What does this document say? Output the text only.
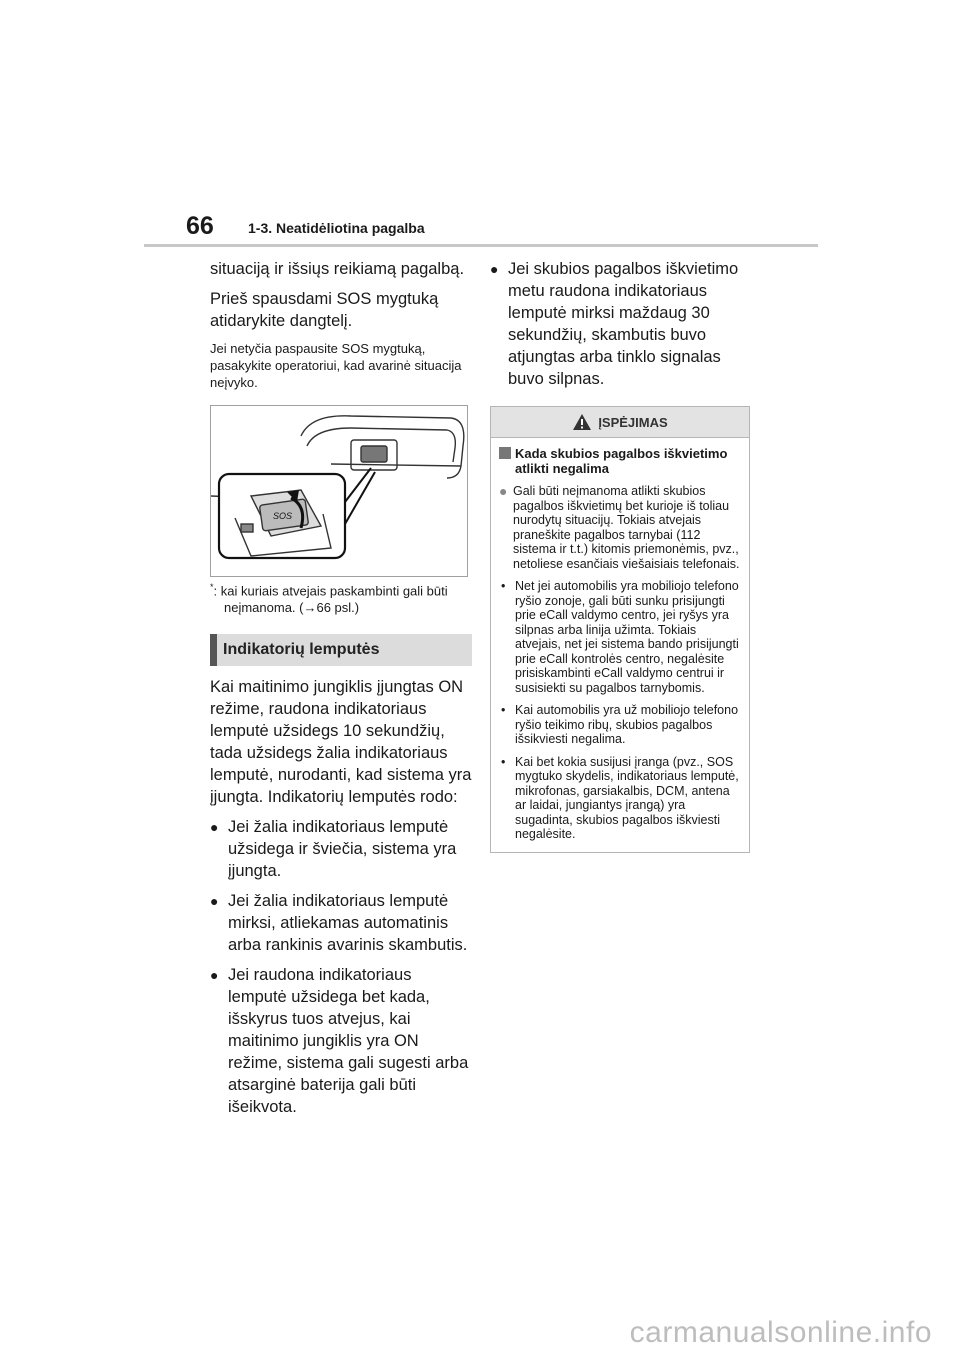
66 1-3. Neatidėliotina pagalba

situaciją ir išsiųs reikiamą pagalbą.

Prieš spausdami SOS mygtuką atidarykite dangtelį.

Jei netyčia paspausite SOS mygtuką, pasakykite operatoriui, kad avarinė situacija neįvyko.

SOS
*: kai kuriais atvejais paskambinti gali būti neįmanoma. (→66 psl.)
Indikatorių lemputės

Kai maitinimo jungiklis įjungtas ON režime, raudona indikatoriaus lemputė užsidegs 10 sekundžių, tada užsidegs žalia indikatoriaus lemputė, nurodanti, kad sistema yra įjungta. Indikatorių lemputės rodo:

● Jei žalia indikatoriaus lemputė užsidega ir šviečia, sistema yra įjungta.
● Jei žalia indikatoriaus lemputė mirksi, atliekamas automatinis arba rankinis avarinis skambutis.
● Jei raudona indikatoriaus lemputė užsidega bet kada, išskyrus tuos atvejus, kai maitinimo jungiklis yra ON režime, sistema gali sugesti arba atsarginė baterija gali būti išeikvota.
● Jei skubios pagalbos iškvietimo metu raudona indikatoriaus lemputė mirksi maždaug 30 sekundžių, skambutis buvo atjungtas arba tinklo signalas buvo silpnas.
ĮSPĖJIMAS
Kada skubios pagalbos iškvietimo atlikti negalima
● Gali būti neįmanoma atlikti skubios pagalbos iškvietimų bet kurioje iš toliau nurodytų situacijų. Tokiais atvejais praneškite pagalbos tarnybai (112 sistema ir t.t.) kitomis priemonėmis, pvz., netoliese esančiais viešaisiais telefonais.
• Net jei automobilis yra mobiliojo telefono ryšio zonoje, gali būti sunku prisijungti prie eCall valdymo centro, jei ryšys yra silpnas arba linija užimta. Tokiais atvejais, net jei sistema bando prisijungti prie eCall kontrolės centro, negalėsite prisiskambinti eCall valdymo centrui ir susisiekti su pagalbos tarnybomis.
• Kai automobilis yra už mobiliojo telefono ryšio teikimo ribų, skubios pagalbos išsikviesti negalima.
• Kai bet kokia susijusi įranga (pvz., SOS mygtuko skydelis, indikatoriaus lemputė, mikrofonas, garsiakalbis, DCM, antena ar laidai, jungiantys įrangą) yra sugadinta, skubios pagalbos iškviesti negalėsite.
carmanualsonline.info
